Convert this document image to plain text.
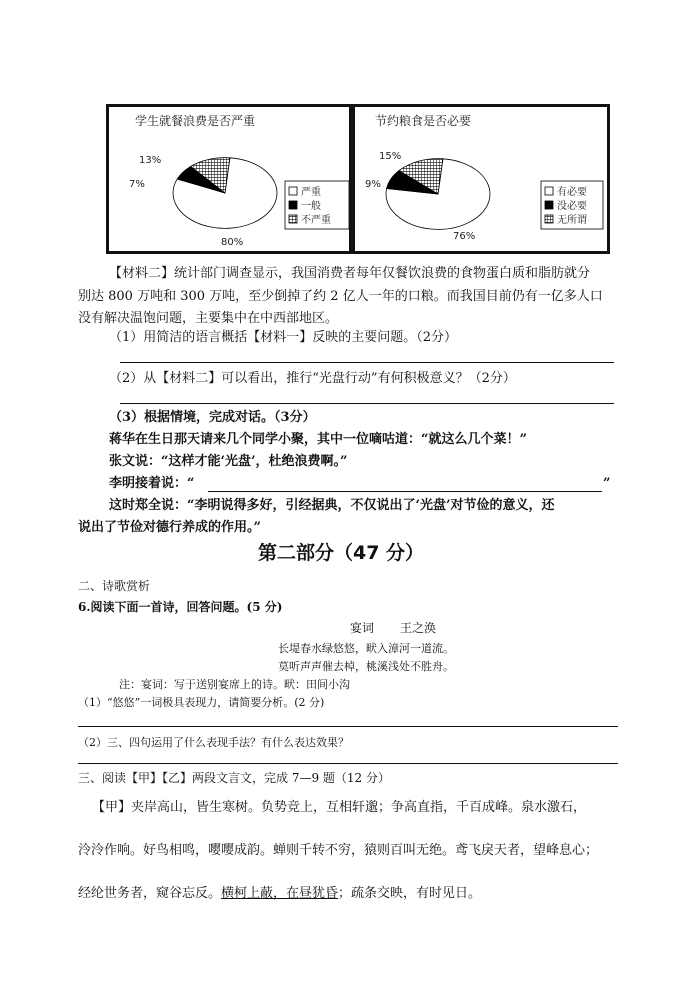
学生就餐浪费是否严重
80%
7%
13%
严重
一般
不严重
节约粮食是否必要
76%
9%
15%
有必要
没必要
无所谓
【材料二】统计部门调查显示，我国消费者每年仅餐饮浪费的食物蛋白质和脂肪就分
别达 800 万吨和 300 万吨，至少倒掉了约 2 亿人一年的口粮。而我国目前仍有一亿多人口
没有解决温饱问题，主要集中在中西部地区。
（1）用简洁的语言概括【材料一】反映的主要问题。（2分）
（2）从【材料二】可以看出，推行“光盘行动”有何积极意义？（2分）
（3）根据情境，完成对话。（3分）
蒋华在生日那天请来几个同学小聚，其中一位嘀咕道：“就这么几个菜！”
张文说：“这样才能‘光盘’，杜绝浪费啊。”
李明接着说：“	”
这时郑全说：“李明说得多好，引经据典，不仅说出了‘光盘’对节俭的意义，还
说出了节俭对德行养成的作用。”
第二部分（47 分）
二、诗歌赏析
6.阅读下面一首诗，回答问题。(5 分)
宴词 王之涣
长堤春水绿悠悠，畎入漳河一道流。
莫听声声催去棹，桃溪浅处不胜舟。
注：宴词：写于送别宴席上的诗。畎：田间小沟
（1）“悠悠”一词极具表现力，请简要分析。(2 分)
（2）三、四句运用了什么表现手法？有什么表达效果？
三、阅读【甲】【乙】两段文言文，完成 7—9 题（12 分）
【甲】夹岸高山，皆生寒树。负势竞上，互相轩邈；争高直指，千百成峰。泉水激石，
泠泠作响。好鸟相鸣，嘤嘤成韵。蝉则千转不穷，猿则百叫无绝。鸢飞戾天者，望峰息心；
经纶世务者，窥谷忘反。横柯上蔽，在昼犹昏；疏条交映，有时见日。
